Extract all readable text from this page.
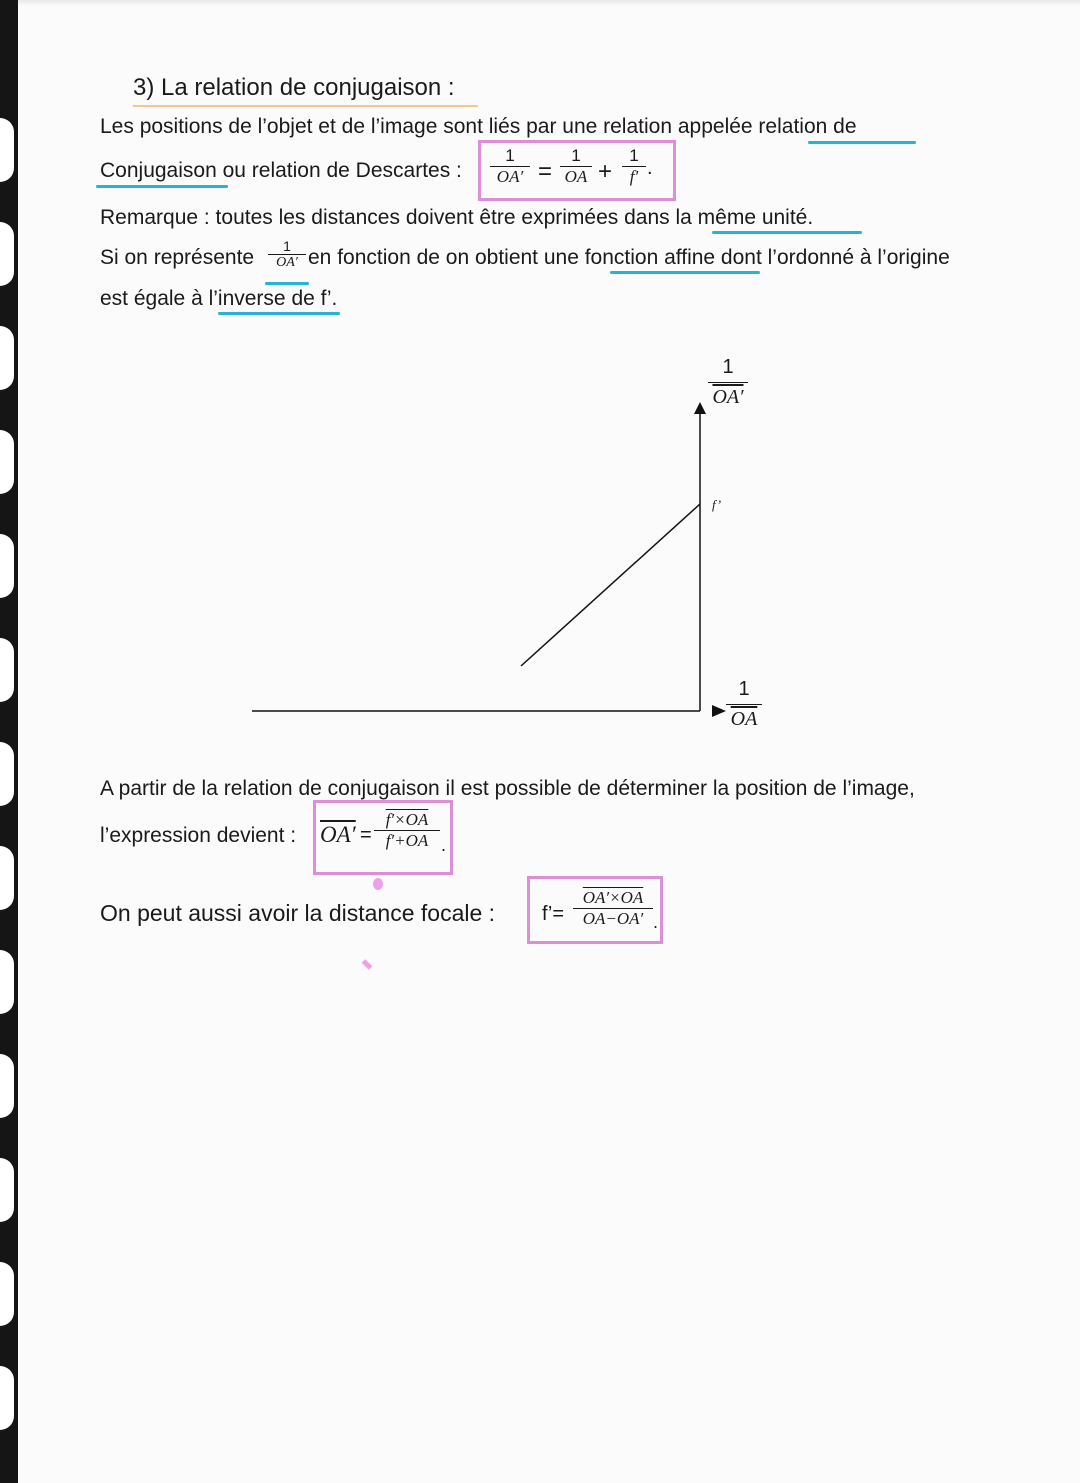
3) La relation de conjugaison :
Les positions de l’objet et de l’image sont liés par une relation appelée relation de
Conjugaison ou relation de Descartes : $\frac{1}{OA'} = \frac{1}{OA}$ +
1
f′ .
Remarque : toutes les distances doivent être exprimées dans la même unité.
Si on représente $\frac{1}{OA'}$ en fonction de on obtient une fonction affine dont l’ordonné à l’origine
est égale à l’inverse de f’.
$\frac{1}{OA'}$
f’
$\frac{1}{OA}$
A partir de la relation de conjugaison il est possible de déterminer la position de l’image,
l’expression devient : $OA' = \frac{f'\times OA}{f'+OA}$ .
On peut aussi avoir la distance focale : f’= $\frac{OA'\times OA}{OA-OA'}$ .
